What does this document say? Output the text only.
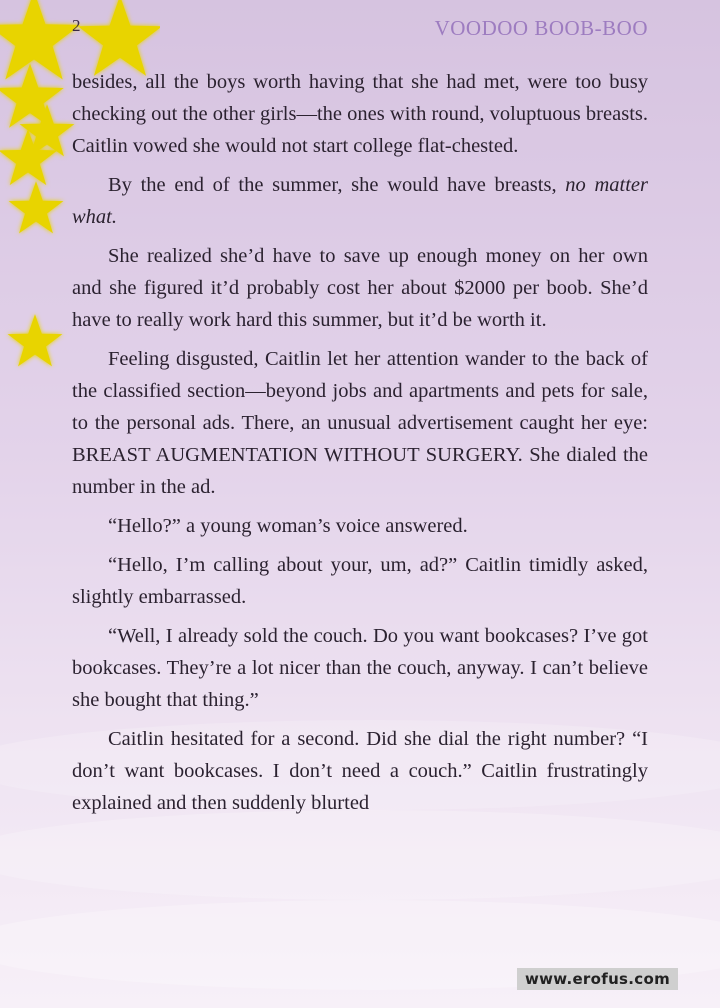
2	VOODOO BOOB-BOO

besides, all the boys worth having that she had met, were too busy checking out the other girls—the ones with round, voluptuous breasts. Caitlin vowed she would not start college flat-chested.

By the end of the summer, she would have breasts, no matter what.

She realized she’d have to save up enough money on her own and she figured it’d probably cost her about $2000 per boob. She’d have to really work hard this summer, but it’d be worth it.

Feeling disgusted, Caitlin let her attention wander to the back of the classified section—beyond jobs and apartments and pets for sale, to the personal ads. There, an unusual advertisement caught her eye: BREAST AUGMENTATION WITHOUT SURGERY. She dialed the number in the ad.

“Hello?” a young woman’s voice answered.

“Hello, I’m calling about your, um, ad?” Caitlin timidly asked, slightly embarrassed.

“Well, I already sold the couch. Do you want bookcases? I’ve got bookcases. They’re a lot nicer than the couch, anyway. I can’t believe she bought that thing.”

Caitlin hesitated for a second. Did she dial the right number? “I don’t want bookcases. I don’t need a couch.” Caitlin frustratingly explained and then suddenly blurted

www.erofus.com
